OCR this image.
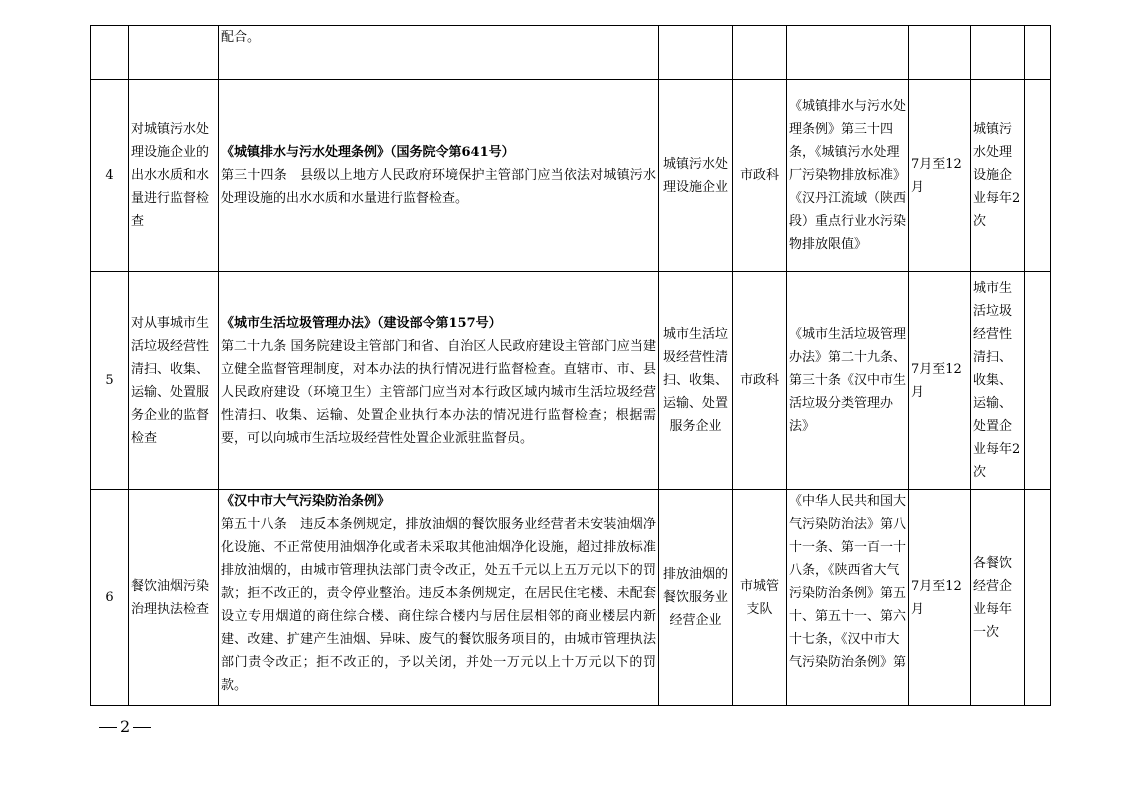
		配合。						

4	对城镇污水处理设施企业的出水水质和水量进行监督检查	《城镇排水与污水处理条例》（国务院令第641号）
第三十四条　县级以上地方人民政府环境保护主管部门应当依法对城镇污水处理设施的出水水质和水量进行监督检查。	城镇污水处理设施企业	市政科	《城镇排水与污水处理条例》第三十四条，《城镇污水处理厂污染物排放标准》《汉丹江流域（陕西段）重点行业水污染物排放限值》	7月至12月	城镇污水处理设施企业每年2次	
5	对从事城市生活垃圾经营性清扫、收集、运输、处置服务企业的监督检查	《城市生活垃圾管理办法》（建设部令第157号）
第二十九条 国务院建设主管部门和省、自治区人民政府建设主管部门应当建立健全监督管理制度，对本办法的执行情况进行监督检查。直辖市、市、县人民政府建设（环境卫生）主管部门应当对本行政区域内城市生活垃圾经营性清扫、收集、运输、处置企业执行本办法的情况进行监督检查；根据需要，可以向城市生活垃圾经营性处置企业派驻监督员。	城市生活垃圾经营性清扫、收集、运输、处置服务企业	市政科	《城市生活垃圾管理办法》第二十九条、第三十条《汉中市生活垃圾分类管理办法》	7月至12月	城市生活垃圾经营性清扫、收集、运输、处置企业每年2次	
6	餐饮油烟污染治理执法检查	《汉中市大气污染防治条例》
第五十八条　违反本条例规定，排放油烟的餐饮服务业经营者未安装油烟净化设施、不正常使用油烟净化或者未采取其他油烟净化设施，超过排放标准排放油烟的，由城市管理执法部门责令改正，处五千元以上五万元以下的罚款；拒不改正的，责令停业整治。违反本条例规定，在居民住宅楼、未配套设立专用烟道的商住综合楼、商住综合楼内与居住层相邻的商业楼层内新建、改建、扩建产生油烟、异味、废气的餐饮服务项目的，由城市管理执法部门责令改正；拒不改正的，予以关闭，并处一万元以上十万元以下的罚款。	排放油烟的餐饮服务业经营企业	市城管支队	《中华人民共和国大气污染防治法》第八十一条、第一百一十八条，《陕西省大气污染防治条例》第五十、第五十一、第六十七条，《汉中市大气污染防治条例》第	7月至12月	各餐饮经营企业每年一次	
2
